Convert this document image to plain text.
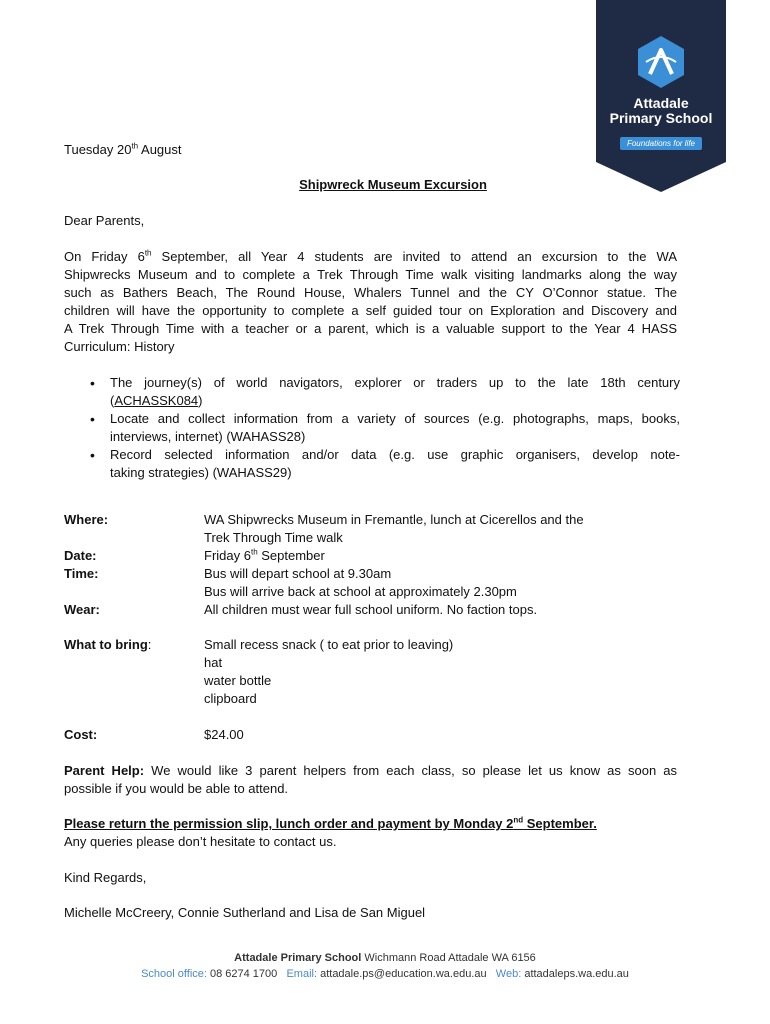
Attadale
Primary School
Foundations for life
Tuesday 20th August
Shipwreck Museum Excursion
Dear Parents,

On Friday 6th September, all Year 4 students are invited to attend an excursion to the WA

Shipwrecks Museum and to complete a Trek Through Time walk visiting landmarks along the way

such as Bathers Beach, The Round House, Whalers Tunnel and the CY O’Connor statue. The

children will have the opportunity to complete a self guided tour on Exploration and Discovery and

A Trek Through Time with a teacher or a parent, which is a valuable support to the Year 4 HASS

Curriculum: History

• The journey(s) of world navigators, explorer or traders up to the late 18th century
(ACHASSK084)
• Locate and collect information from a variety of sources (e.g. photographs, maps, books,
interviews, internet) (WAHASS28)
• Record selected information and/or data (e.g. use graphic organisers, develop note-
taking strategies) (WAHASS29)
Where:	WA Shipwrecks Museum in Fremantle, lunch at Cicerellos and the
Trek Through Time walk
Date:	Friday 6th September
Time:	Bus will depart school at 9.30am
Bus will arrive back at school at approximately 2.30pm
Wear:	All children must wear full school uniform. No faction tops.
What to bring:	Small recess snack ( to eat prior to leaving)
hat
water bottle
clipboard
Cost:	$24.00

Parent Help: We would like 3 parent helpers from each class, so please let us know as soon as

possible if you would be able to attend.

Please return the permission slip, lunch order and payment by Monday 2nd September.
Any queries please don’t hesitate to contact us.
Kind Regards,
Michelle McCreery, Connie Sutherland and Lisa de San Miguel
Attadale Primary School Wichmann Road Attadale WA 6156
School office: 08 6274 1700 Email: attadale.ps@education.wa.edu.au Web: attadaleps.wa.edu.au
